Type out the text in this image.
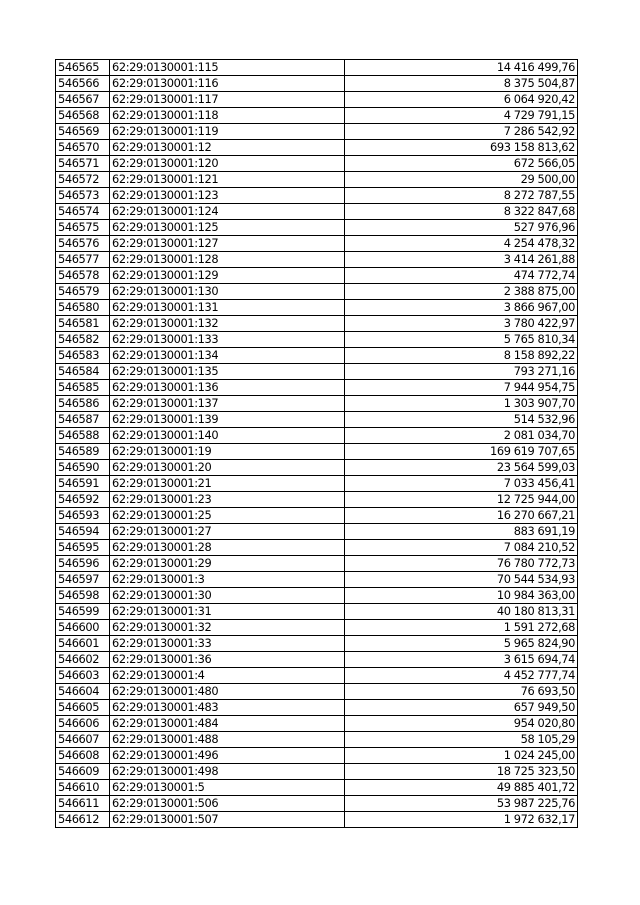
546565	62:29:0130001:115	14 416 499,76
546566	62:29:0130001:116	8 375 504,87
546567	62:29:0130001:117	6 064 920,42
546568	62:29:0130001:118	4 729 791,15
546569	62:29:0130001:119	7 286 542,92
546570	62:29:0130001:12	693 158 813,62
546571	62:29:0130001:120	672 566,05
546572	62:29:0130001:121	29 500,00
546573	62:29:0130001:123	8 272 787,55
546574	62:29:0130001:124	8 322 847,68
546575	62:29:0130001:125	527 976,96
546576	62:29:0130001:127	4 254 478,32
546577	62:29:0130001:128	3 414 261,88
546578	62:29:0130001:129	474 772,74
546579	62:29:0130001:130	2 388 875,00
546580	62:29:0130001:131	3 866 967,00
546581	62:29:0130001:132	3 780 422,97
546582	62:29:0130001:133	5 765 810,34
546583	62:29:0130001:134	8 158 892,22
546584	62:29:0130001:135	793 271,16
546585	62:29:0130001:136	7 944 954,75
546586	62:29:0130001:137	1 303 907,70
546587	62:29:0130001:139	514 532,96
546588	62:29:0130001:140	2 081 034,70
546589	62:29:0130001:19	169 619 707,65
546590	62:29:0130001:20	23 564 599,03
546591	62:29:0130001:21	7 033 456,41
546592	62:29:0130001:23	12 725 944,00
546593	62:29:0130001:25	16 270 667,21
546594	62:29:0130001:27	883 691,19
546595	62:29:0130001:28	7 084 210,52
546596	62:29:0130001:29	76 780 772,73
546597	62:29:0130001:3	70 544 534,93
546598	62:29:0130001:30	10 984 363,00
546599	62:29:0130001:31	40 180 813,31
546600	62:29:0130001:32	1 591 272,68
546601	62:29:0130001:33	5 965 824,90
546602	62:29:0130001:36	3 615 694,74
546603	62:29:0130001:4	4 452 777,74
546604	62:29:0130001:480	76 693,50
546605	62:29:0130001:483	657 949,50
546606	62:29:0130001:484	954 020,80
546607	62:29:0130001:488	58 105,29
546608	62:29:0130001:496	1 024 245,00
546609	62:29:0130001:498	18 725 323,50
546610	62:29:0130001:5	49 885 401,72
546611	62:29:0130001:506	53 987 225,76
546612	62:29:0130001:507	1 972 632,17
